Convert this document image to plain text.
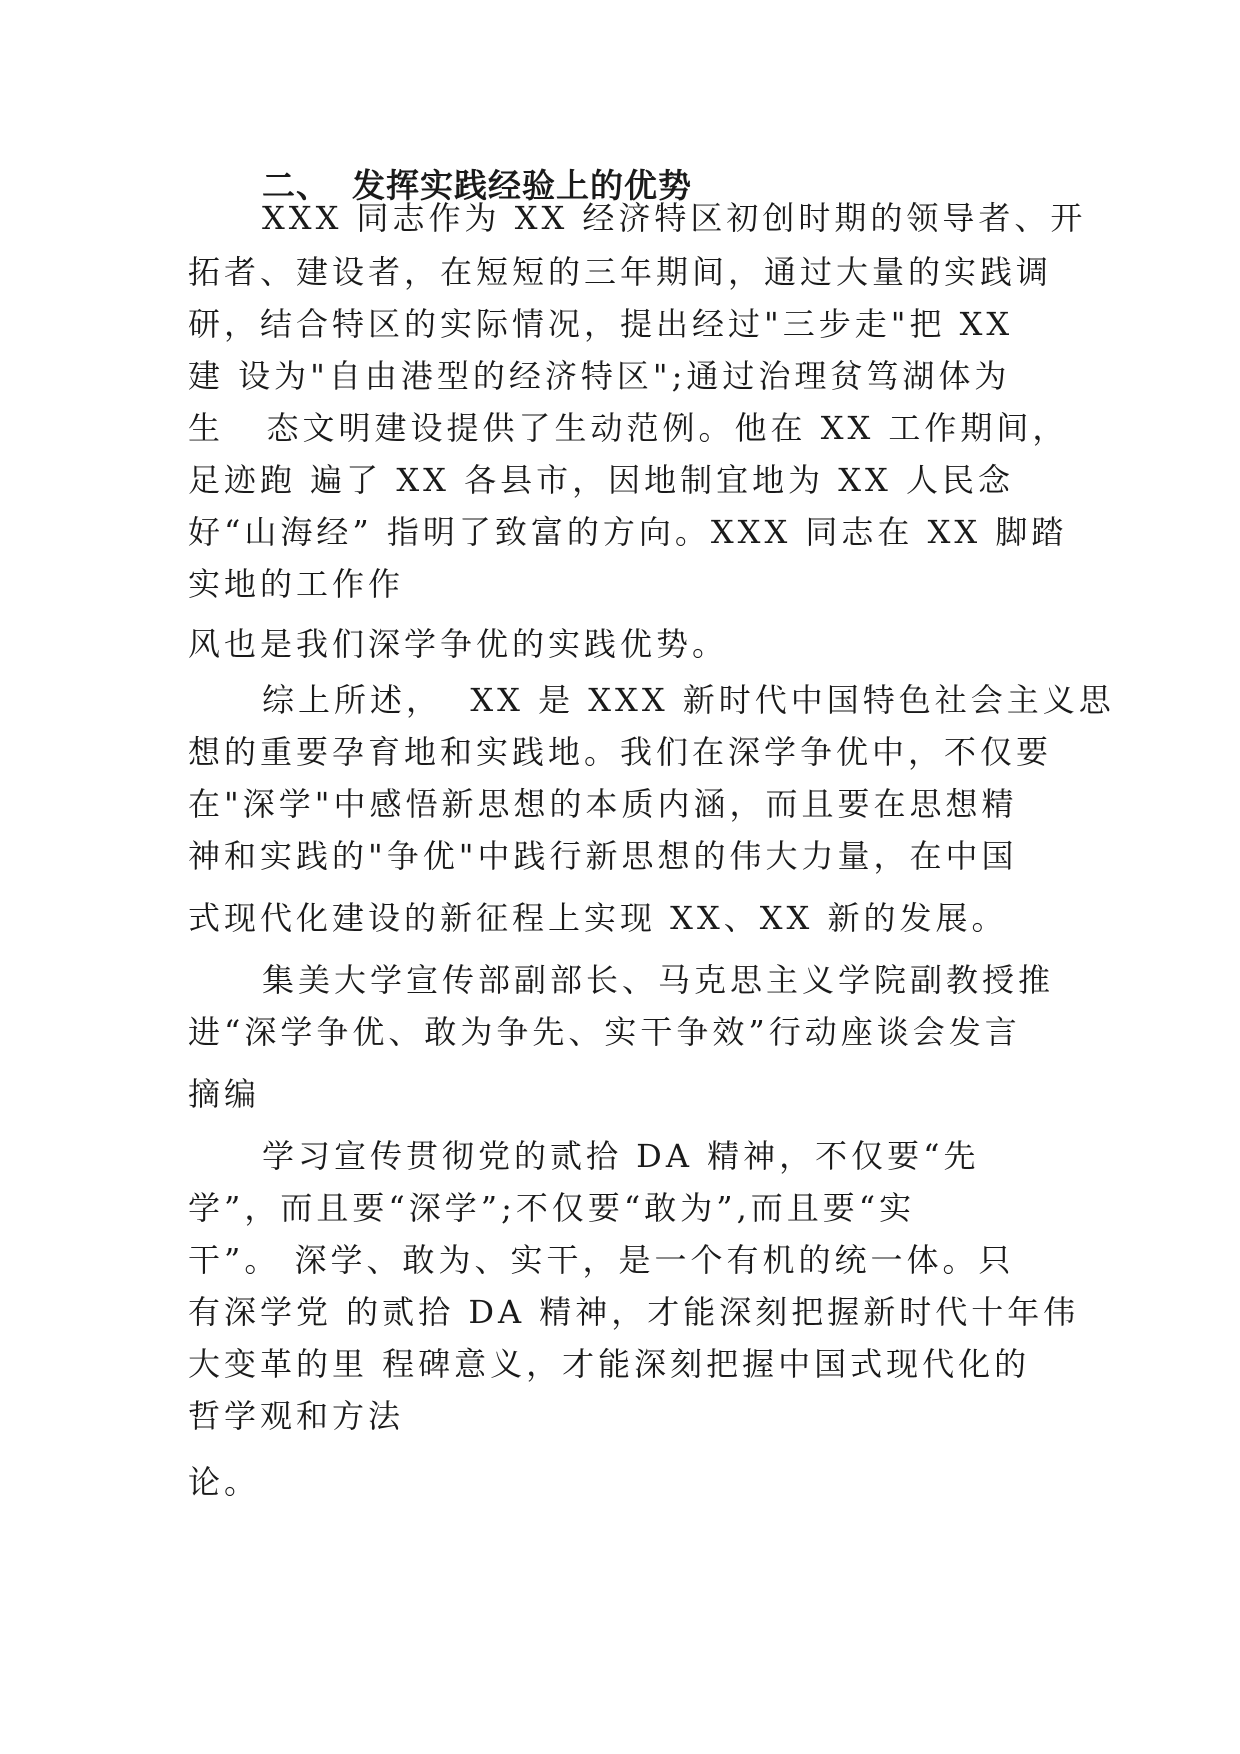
二、 发挥实践经验上的优势
XXX 同志作为 XX 经济特区初创时期的领导者、开
拓者、建设者，在短短的三年期间，通过大量的实践调
研，结合特区的实际情况，提出经过"三步走"把 XX
建 设为"自由港型的经济特区";通过治理贫笃湖体为
生   态文明建设提供了生动范例。他在 XX 工作期间，
足迹跑 遍了 XX 各县市，因地制宜地为 XX 人民念
好“山海经” 指明了致富的方向。XXX 同志在 XX 脚踏
实地的工作作
风也是我们深学争优的实践优势。
综上所述，  XX 是 XXX 新时代中国特色社会主义思
想的重要孕育地和实践地。我们在深学争优中，不仅要
在"深学"中感悟新思想的本质内涵，而且要在思想精
神和实践的"争优"中践行新思想的伟大力量，在中国
式现代化建设的新征程上实现 XX、XX 新的发展。
集美大学宣传部副部长、马克思主义学院副教授推
进“深学争优、敢为争先、实干争效”行动座谈会发言
摘编
学习宣传贯彻党的贰拾 DA 精神，不仅要“先
学”，而且要“深学”;不仅要“敢为”,而且要“实
干”。 深学、敢为、实干，是一个有机的统一体。只
有深学党 的贰拾 DA 精神，才能深刻把握新时代十年伟
大变革的里 程碑意义，才能深刻把握中国式现代化的
哲学观和方法
论。
